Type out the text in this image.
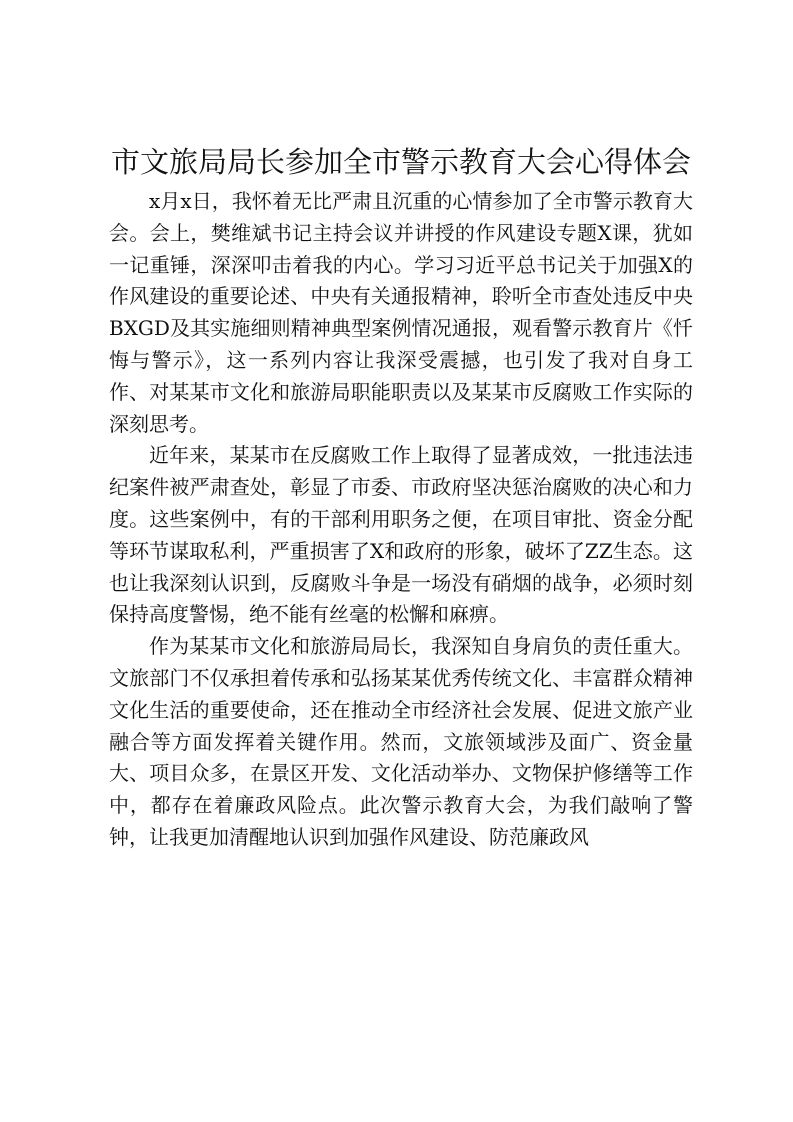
市文旅局局长参加全市警示教育大会心得体会

x月x日，我怀着无比严肃且沉重的心情参加了全市警示教育大会。会上，樊维斌书记主持会议并讲授的作风建设专题X课，犹如一记重锤，深深叩击着我的内心。学习习近平总书记关于加强X的作风建设的重要论述、中央有关通报精神，聆听全市查处违反中央BXGD及其实施细则精神典型案例情况通报，观看警示教育片《忏悔与警示》，这一系列内容让我深受震撼，也引发了我对自身工作、对某某市文化和旅游局职能职责以及某某市反腐败工作实际的深刻思考。

近年来，某某市在反腐败工作上取得了显著成效，一批违法违纪案件被严肃查处，彰显了市委、市政府坚决惩治腐败的决心和力度。这些案例中，有的干部利用职务之便，在项目审批、资金分配等环节谋取私利，严重损害了X和政府的形象，破坏了ZZ生态。这也让我深刻认识到，反腐败斗争是一场没有硝烟的战争，必须时刻保持高度警惕，绝不能有丝毫的松懈和麻痹。

作为某某市文化和旅游局局长，我深知自身肩负的责任重大。文旅部门不仅承担着传承和弘扬某某优秀传统文化、丰富群众精神文化生活的重要使命，还在推动全市经济社会发展、促进文旅产业融合等方面发挥着关键作用。然而，文旅领域涉及面广、资金量大、项目众多，在景区开发、文化活动举办、文物保护修缮等工作中，都存在着廉政风险点。此次警示教育大会，为我们敲响了警钟，让我更加清醒地认识到加强作风建设、防范廉政风
